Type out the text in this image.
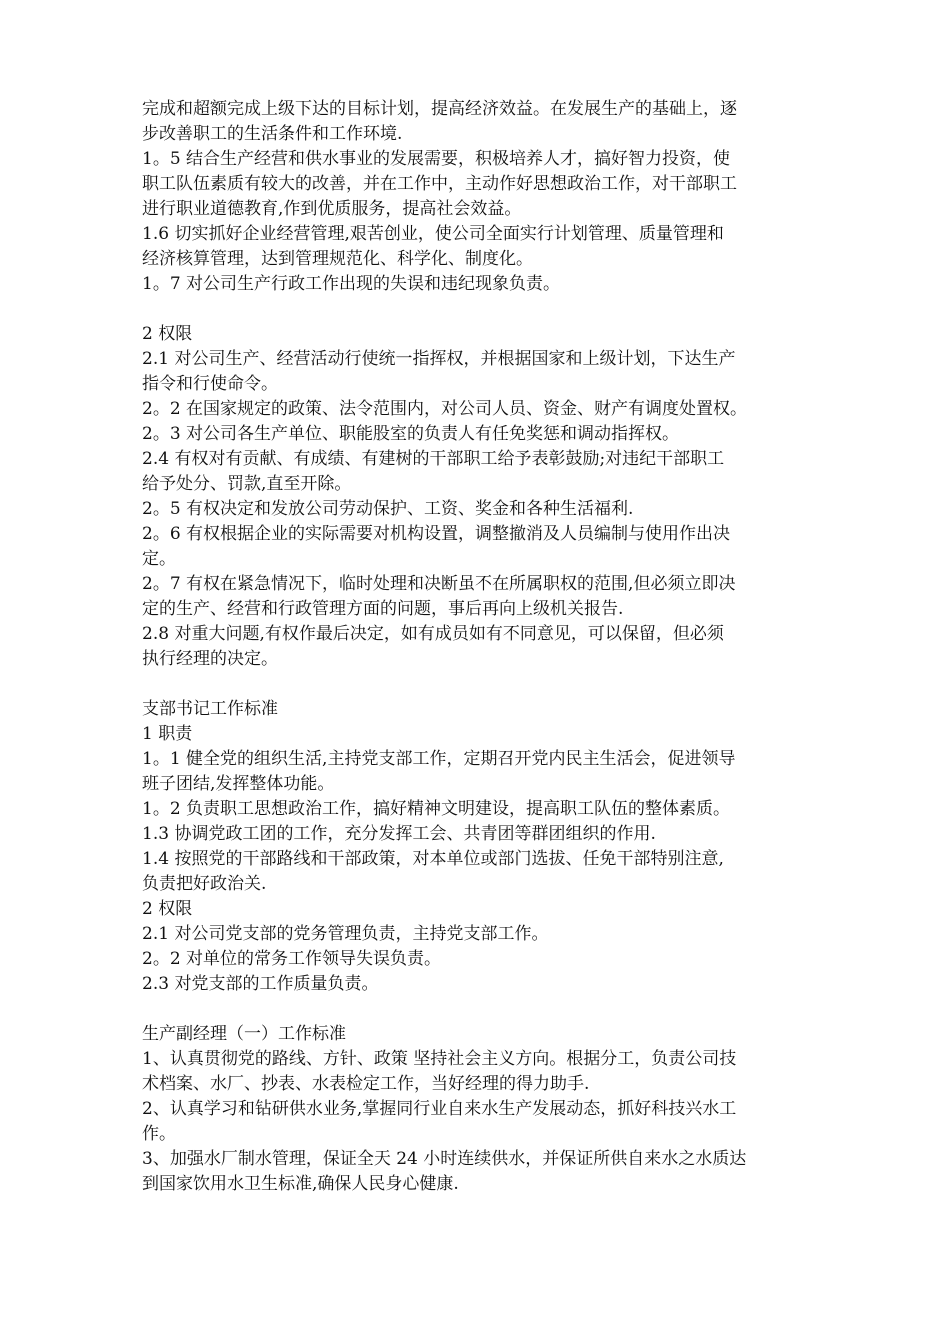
完成和超额完成上级下达的目标计划，提高经济效益。在发展生产的基础上，逐
步改善职工的生活条件和工作环境.
1。5 结合生产经营和供水事业的发展需要，积极培养人才，搞好智力投资，使
职工队伍素质有较大的改善，并在工作中，主动作好思想政治工作，对干部职工
进行职业道德教育,作到优质服务，提高社会效益。
1.6 切实抓好企业经营管理,艰苦创业，使公司全面实行计划管理、质量管理和
经济核算管理，达到管理规范化、科学化、制度化。
1。7 对公司生产行政工作出现的失误和违纪现象负责。
2 权限
2.1 对公司生产、经营活动行使统一指挥权，并根据国家和上级计划，下达生产
指令和行使命令。
2。2 在国家规定的政策、法令范围内，对公司人员、资金、财产有调度处置权。
2。3 对公司各生产单位、职能股室的负责人有任免奖惩和调动指挥权。
2.4 有权对有贡献、有成绩、有建树的干部职工给予表彰鼓励;对违纪干部职工
给予处分、罚款,直至开除。
2。5 有权决定和发放公司劳动保护、工资、奖金和各种生活福利.
2。6 有权根据企业的实际需要对机构设置，调整撤消及人员编制与使用作出决
定。
2。7 有权在紧急情况下，临时处理和决断虽不在所属职权的范围,但必须立即决
定的生产、经营和行政管理方面的问题，事后再向上级机关报告.
2.8 对重大问题,有权作最后决定，如有成员如有不同意见，可以保留，但必须
执行经理的决定。
支部书记工作标准
1 职责
1。1 健全党的组织生活,主持党支部工作，定期召开党内民主生活会，促进领导
班子团结,发挥整体功能。
1。2 负责职工思想政治工作，搞好精神文明建设，提高职工队伍的整体素质。
1.3 协调党政工团的工作，充分发挥工会、共青团等群团组织的作用.
1.4 按照党的干部路线和干部政策，对本单位或部门选拔、任免干部特别注意,
负责把好政治关.
2 权限
2.1 对公司党支部的党务管理负责，主持党支部工作。
2。2 对单位的常务工作领导失误负责。
2.3 对党支部的工作质量负责。
生产副经理（一）工作标准
1、认真贯彻党的路线、方针、政策 坚持社会主义方向。根据分工，负责公司技
术档案、水厂、抄表、水表检定工作，当好经理的得力助手.
2、认真学习和钻研供水业务,掌握同行业自来水生产发展动态，抓好科技兴水工
作。
3、加强水厂制水管理，保证全天 24 小时连续供水，并保证所供自来水之水质达
到国家饮用水卫生标准,确保人民身心健康.
